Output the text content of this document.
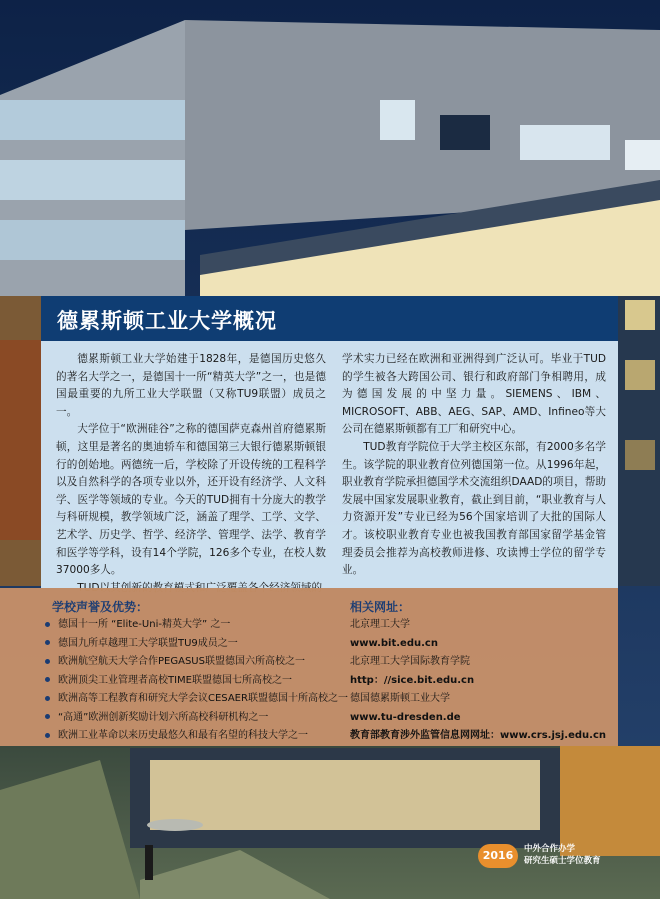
德累斯顿工业大学概况

德累斯顿工业大学始建于1828年，是德国历史悠久的著名大学之一，是德国十一所“精英大学”之一，也是德国最重要的九所工业大学联盟（又称TU9联盟）成员之一。

大学位于“欧洲硅谷”之称的德国萨克森州首府德累斯顿，这里是著名的奥迪轿车和德国第三大银行德累斯顿银行的创始地。两德统一后，学校除了开设传统的工程科学以及自然科学的各项专业以外，还开设有经济学、人文科学、医学等领域的专业。今天的TUD拥有十分庞大的教学与科研规模，教学领域广泛，涵盖了理学、工学、文学、艺术学、历史学、哲学、经济学、管理学、法学、教育学和医学等学科，设有14个学院，126多个专业，在校人数37000多人。

学术实力已经在欧洲和亚洲得到广泛认可。毕业于TUD的学生被各大跨国公司、银行和政府部门争相聘用，成为德国发展的中坚力量。SIEMENS、IBM、MICROSOFT、ABB、AEG、SAP、AMD、Infineo等大公司在德累斯顿都有工厂和研究中心。

TUD教育学院位于大学主校区东部，有2000多名学生。该学院的职业教育位列德国第一位。从1996年起，职业教育学院承担德国学术交流组织DAAD的项目，帮助发展中国家发展职业教育，截止到目前，“职业教育与人力资源开发”专业已经为56个国家培训了大批的国际人才。该校职业教育专业也被我国教育部国家留学基金管理委员会推荐为高校教师进修、攻读博士学位的留学专业。

学校声誉及优势：
德国十一所 “Elite-Uni-精英大学” 之一
德国九所卓越理工大学联盟TU9成员之一
欧洲航空航天大学合作PEGASUS联盟德国六所高校之一
欧洲顶尖工业管理者高校TIME联盟德国七所高校之一
欧洲高等工程教育和研究大学会议CESAER联盟德国十所高校之一
“高通”欧洲创新奖励计划六所高校科研机构之一
欧洲工业革命以来历史最悠久和最有名望的科技大学之一
相关网址：
北京理工大学
www.bit.edu.cn
北京理工大学国际教育学院
http：//sice.bit.edu.cn
德国德累斯顿工业大学
www.tu-dresden.de
教育部教育涉外监管信息网网址：www.crs.jsj.edu.cn
2016	中外合作办学
研究生硕士学位教育
